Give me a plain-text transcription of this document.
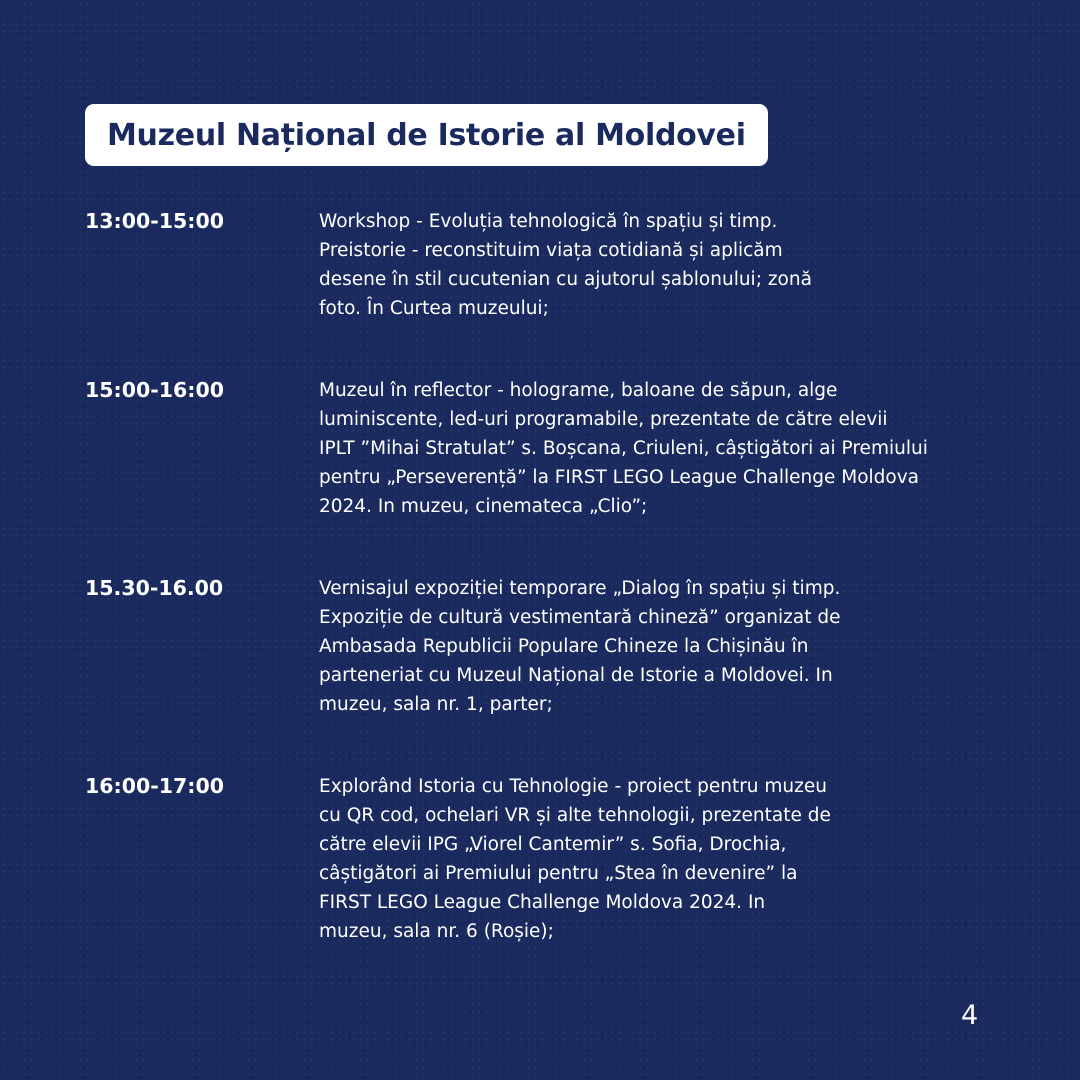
Muzeul Național de Istorie al Moldovei
13:00-15:00	Workshop - Evoluția tehnologică în spațiu și timp.
Preistorie - reconstituim viața cotidiană și aplicăm
desene în stil cucutenian cu ajutorul șablonului; zonă
foto. În Curtea muzeului;
15:00-16:00	Muzeul în reflector - holograme, baloane de săpun, alge
luminiscente, led-uri programabile, prezentate de către elevii
IPLT ”Mihai Stratulat” s. Boșcana, Criuleni, câștigători ai Premiului
pentru „Perseverență” la FIRST LEGO League Challenge Moldova
2024. In muzeu, cinemateca „Clio”;
15.30-16.00	Vernisajul expoziției temporare „Dialog în spațiu și timp.
Expoziție de cultură vestimentară chineză” organizat de
Ambasada Republicii Populare Chineze la Chișinău în
parteneriat cu Muzeul Național de Istorie a Moldovei. In
muzeu, sala nr. 1, parter;
16:00-17:00	Explorând Istoria cu Tehnologie - proiect pentru muzeu
cu QR cod, ochelari VR și alte tehnologii, prezentate de
către elevii IPG „Viorel Cantemir” s. Sofia, Drochia,
câștigători ai Premiului pentru „Stea în devenire” la
FIRST LEGO League Challenge Moldova 2024. In
muzeu, sala nr. 6 (Roșie);
4
